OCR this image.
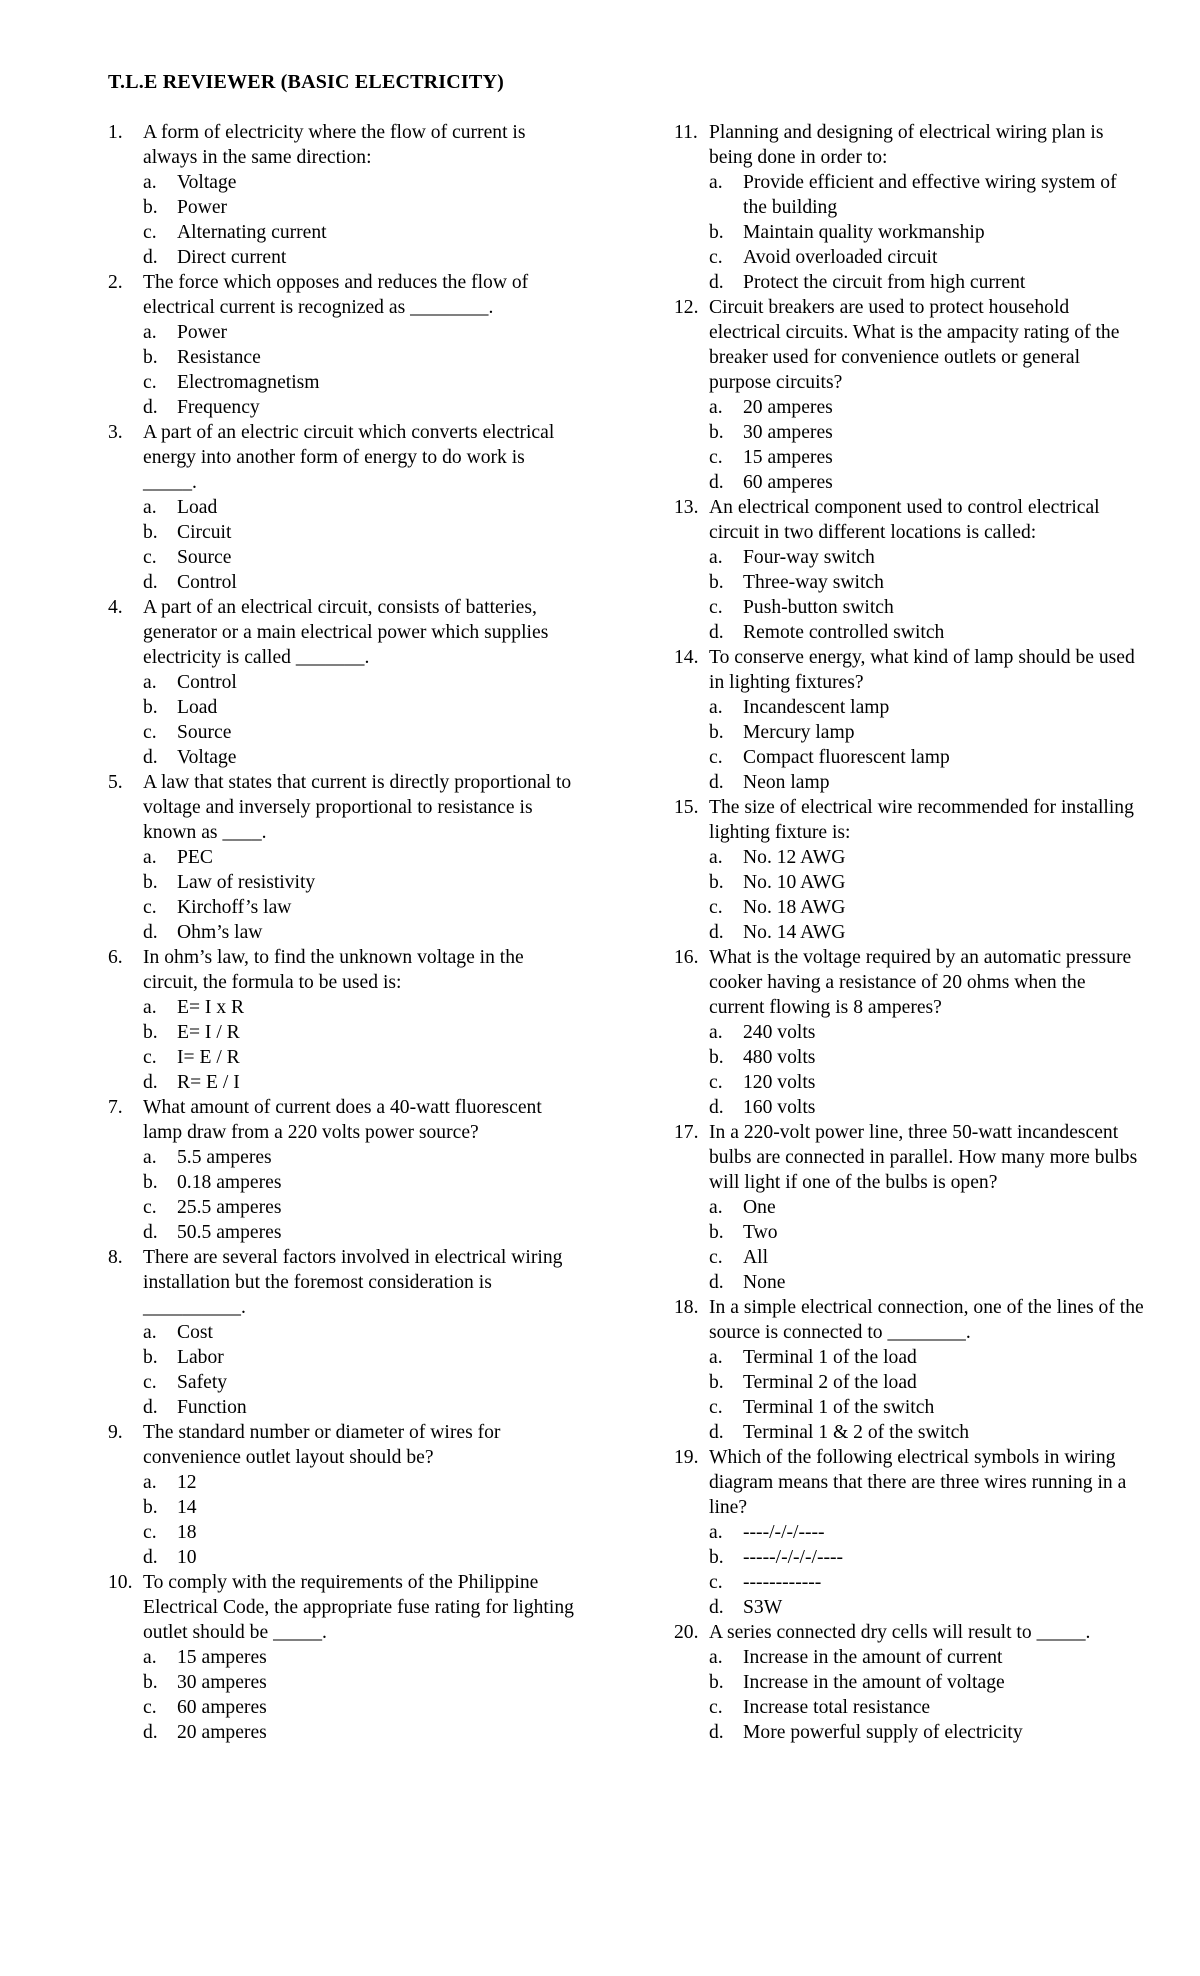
T.L.E REVIEWER (BASIC ELECTRICITY)
1.	A form of electricity where the flow of current is always in the same direction:
a. Voltage
b. Power
c. Alternating current
d. Direct current
2.	The force which opposes and reduces the flow of electrical current is recognized as ________.
a. Power
b. Resistance
c. Electromagnetism
d. Frequency
3.	A part of an electric circuit which converts electrical energy into another form of energy to do work is _____.
a. Load
b. Circuit
c. Source
d. Control
4.	A part of an electrical circuit, consists of batteries, generator or a main electrical power which supplies electricity is called _______.
a. Control
b. Load
c. Source
d. Voltage
5.	A law that states that current is directly proportional to voltage and inversely proportional to resistance is known as ____.
a. PEC
b. Law of resistivity
c. Kirchoff’s law
d. Ohm’s law
6.	In ohm’s law, to find the unknown voltage in the circuit, the formula to be used is:
a. E= I x R
b. E= I / R
c. I= E / R
d. R= E / I
7.	What amount of current does a 40-watt fluorescent lamp draw from a 220 volts power source?
a. 5.5 amperes
b. 0.18 amperes
c. 25.5 amperes
d. 50.5 amperes
8.	There are several factors involved in electrical wiring installation but the foremost consideration is __________.
a. Cost
b. Labor
c. Safety
d. Function
9.	The standard number or diameter of wires for convenience outlet layout should be?
a. 12
b. 14
c. 18
d. 10
10. To comply with the requirements of the Philippine Electrical Code, the appropriate fuse rating for lighting outlet should be _____.
a. 15 amperes
b. 30 amperes
c. 60 amperes
d. 20 amperes
11. Planning and designing of electrical wiring plan is being done in order to:
a. Provide efficient and effective wiring system of the building
b. Maintain quality workmanship
c. Avoid overloaded circuit
d. Protect the circuit from high current
12. Circuit breakers are used to protect household electrical circuits. What is the ampacity rating of the breaker used for convenience outlets or general purpose circuits?
a. 20 amperes
b. 30 amperes
c. 15 amperes
d. 60 amperes
13. An electrical component used to control electrical circuit in two different locations is called:
a. Four-way switch
b. Three-way switch
c. Push-button switch
d. Remote controlled switch
14. To conserve energy, what kind of lamp should be used in lighting fixtures?
a. Incandescent lamp
b. Mercury lamp
c. Compact fluorescent lamp
d. Neon lamp
15. The size of electrical wire recommended for installing lighting fixture is:
a. No. 12 AWG
b. No. 10 AWG
c. No. 18 AWG
d. No. 14 AWG
16. What is the voltage required by an automatic pressure cooker having a resistance of 20 ohms when the current flowing is 8 amperes?
a. 240 volts
b. 480 volts
c. 120 volts
d. 160 volts
17. In a 220-volt power line, three 50-watt incandescent bulbs are connected in parallel. How many more bulbs will light if one of the bulbs is open?
a. One
b. Two
c. All
d. None
18. In a simple electrical connection, one of the lines of the source is connected to ________.
a. Terminal 1 of the load
b. Terminal 2 of the load
c. Terminal 1 of the switch
d. Terminal 1 & 2 of the switch
19. Which of the following electrical symbols in wiring diagram means that there are three wires running in a line?
a. ----/-/-/----
b. -----/-/-/-/----
c. ------------
d. S3W
20. A series connected dry cells will result to _____.
a. Increase in the amount of current
b. Increase in the amount of voltage
c. Increase total resistance
d. More powerful supply of electricity
